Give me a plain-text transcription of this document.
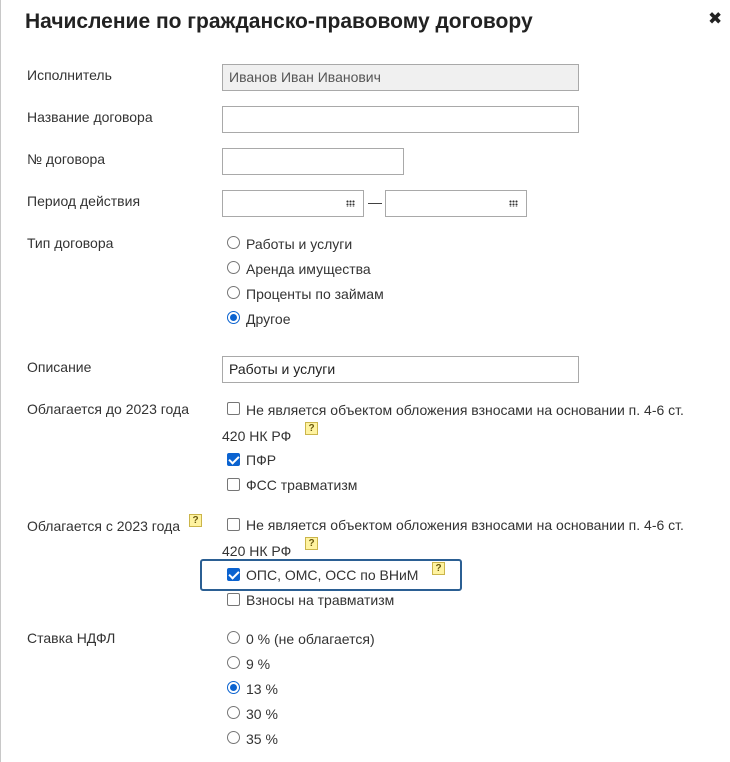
Начисление по гражданско-правовому договору	✖
Исполнитель	Иванов Иван Иванович
Название договора
№ договора
Период действия	—
Тип договора	Работы и услуги
Аренда имущества
Проценты по займам
Другое
Описание	Работы и услуги
Облагается до 2023 года	Не является объектом обложения взносами на основании п. 4-6 ст.
420 НК РФ	?
ПФР
ФСС травматизм
Облагается с 2023 года	?	Не является объектом обложения взносами на основании п. 4-6 ст.
420 НК РФ	?
ОПС, ОМС, ОСС по ВНиМ	?
Взносы на травматизм
Ставка НДФЛ	0 % (не облагается)
9 %
13 %
30 %
35 %
